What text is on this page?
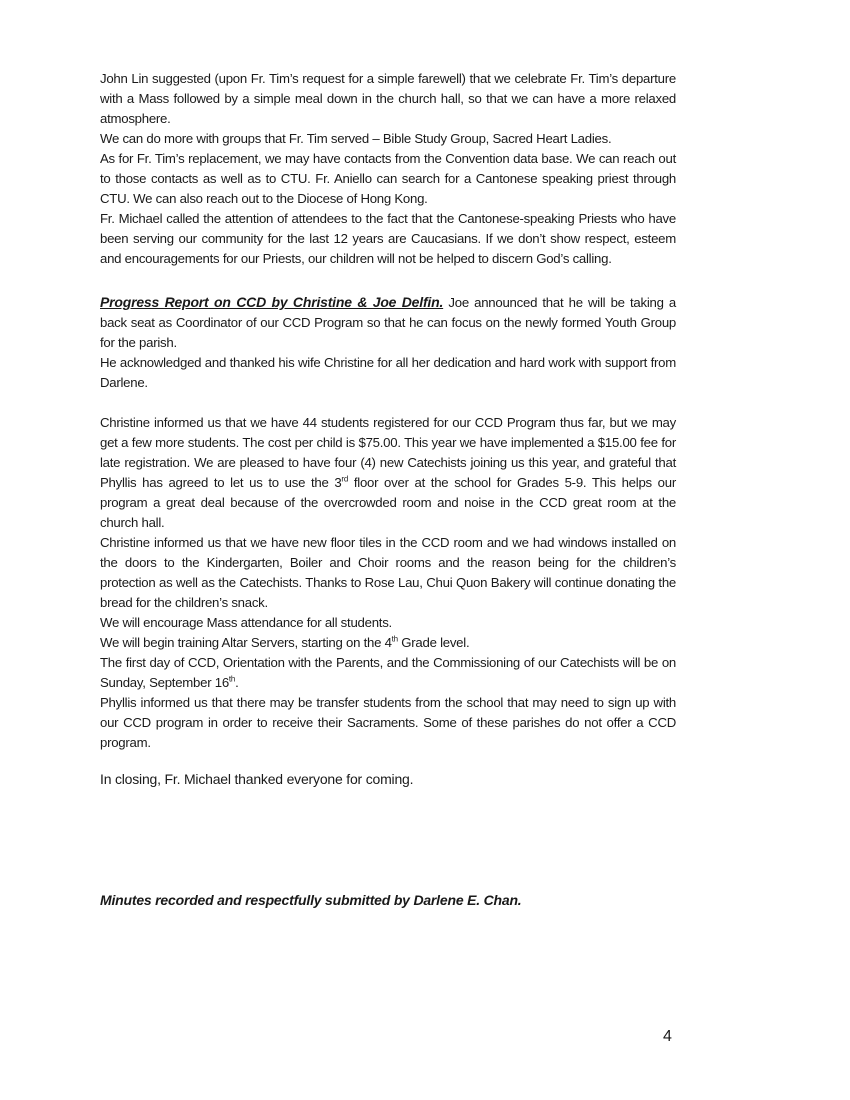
John Lin suggested (upon Fr. Tim’s request for a simple farewell) that we celebrate Fr. Tim’s departure with a Mass followed by a simple meal down in the church hall, so that we can have a more relaxed atmosphere.

We can do more with groups that Fr. Tim served – Bible Study Group, Sacred Heart Ladies.

As for Fr. Tim’s replacement, we may have contacts from the Convention data base. We can reach out to those contacts as well as to CTU. Fr. Aniello can search for a Cantonese speaking priest through CTU. We can also reach out to the Diocese of Hong Kong.

Fr. Michael called the attention of attendees to the fact that the Cantonese-speaking Priests who have been serving our community for the last 12 years are Caucasians. If we don’t show respect, esteem and encouragements for our Priests, our children will not be helped to discern God’s calling.

Progress Report on CCD by Christine & Joe Delfin. Joe announced that he will be taking a back seat as Coordinator of our CCD Program so that he can focus on the newly formed Youth Group for the parish.

He acknowledged and thanked his wife Christine for all her dedication and hard work with support from Darlene.

Christine informed us that we have 44 students registered for our CCD Program thus far, but we may get a few more students. The cost per child is $75.00. This year we have implemented a $15.00 fee for late registration. We are pleased to have four (4) new Catechists joining us this year, and grateful that Phyllis has agreed to let us to use the 3rd floor over at the school for Grades 5-9. This helps our program a great deal because of the overcrowded room and noise in the CCD great room at the church hall.

Christine informed us that we have new floor tiles in the CCD room and we had windows installed on the doors to the Kindergarten, Boiler and Choir rooms and the reason being for the children’s protection as well as the Catechists. Thanks to Rose Lau, Chui Quon Bakery will continue donating the bread for the children’s snack.

We will encourage Mass attendance for all students.

We will begin training Altar Servers, starting on the 4th Grade level.

The first day of CCD, Orientation with the Parents, and the Commissioning of our Catechists will be on Sunday, September 16th.

Phyllis informed us that there may be transfer students from the school that may need to sign up with our CCD program in order to receive their Sacraments. Some of these parishes do not offer a CCD program.

In closing, Fr. Michael thanked everyone for coming.
Minutes recorded and respectfully submitted by Darlene E. Chan.
4
